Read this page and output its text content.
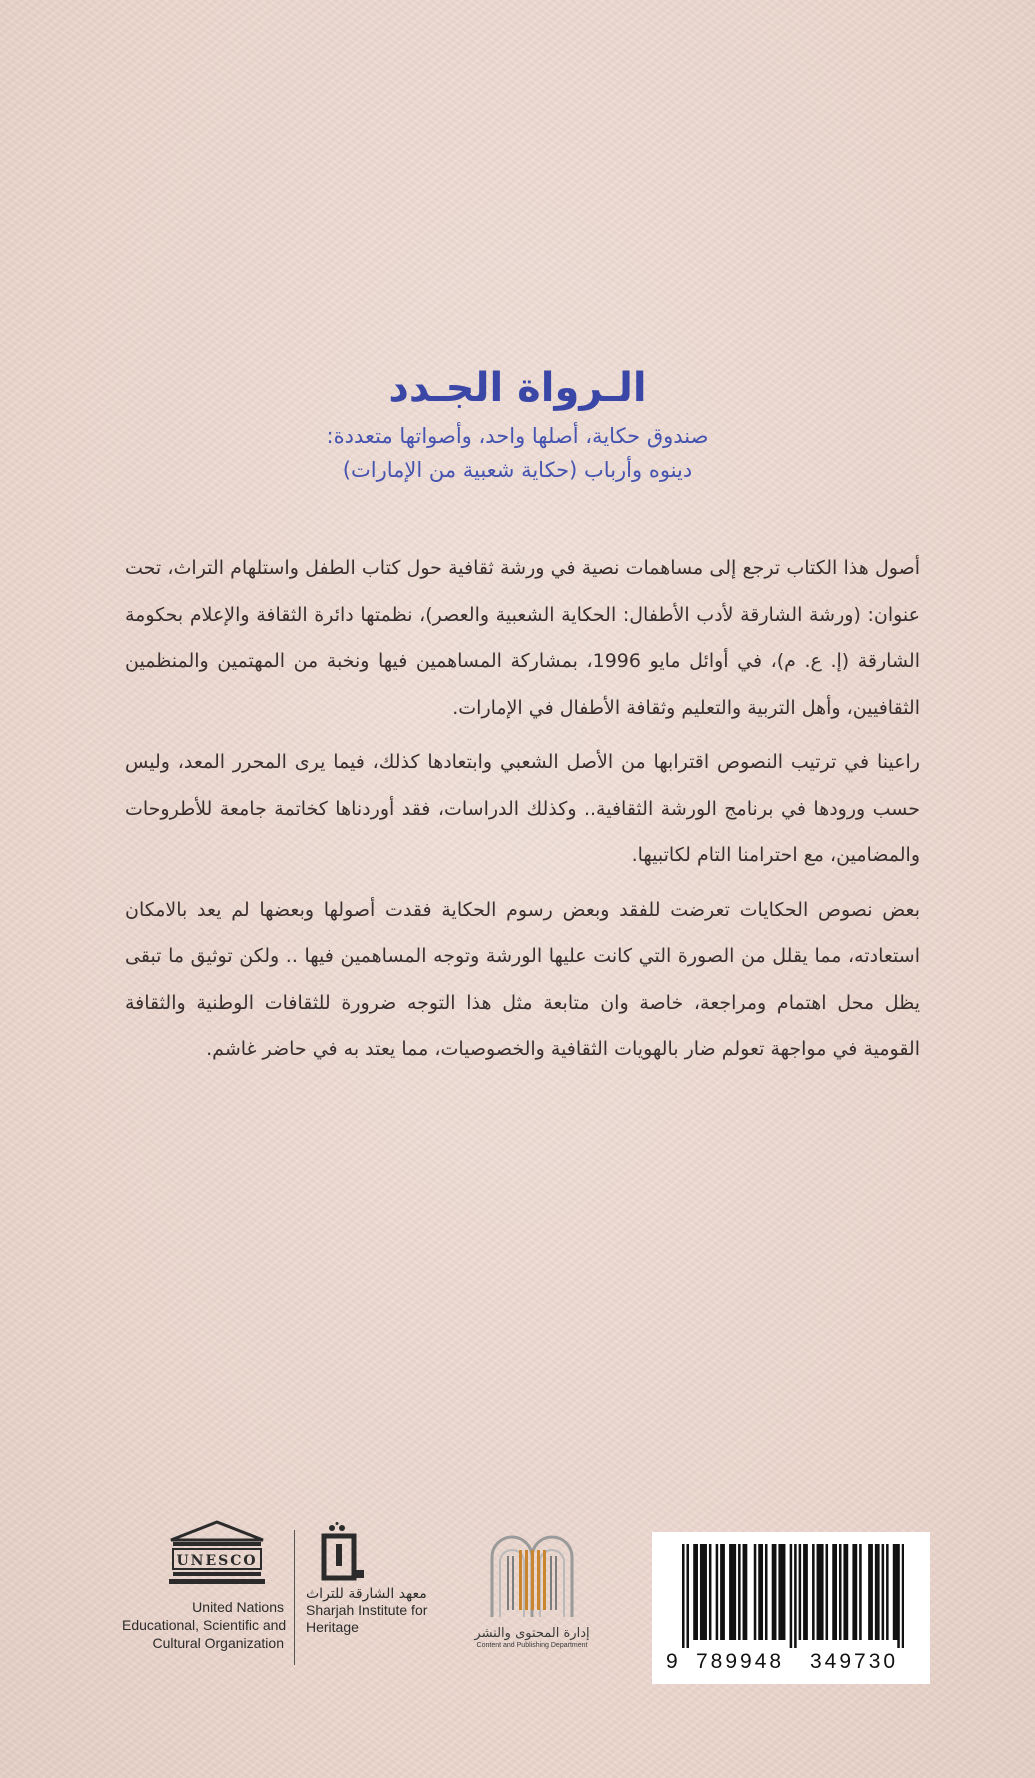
الـرواة الجـدد
صندوق حكاية، أصلها واحد، وأصواتها متعددة:
دينوه وأرباب (حكاية شعبية من الإمارات)

أصول هذا الكتاب ترجع إلى مساهمات نصية في ورشة ثقافية حول كتاب الطفل واستلهام التراث، تحت عنوان: (ورشة الشارقة لأدب الأطفال: الحكاية الشعبية والعصر)، نظمتها دائرة الثقافة والإعلام بحكومة الشارقة (إ. ع. م)، في أوائل مايو 1996، بمشاركة المساهمين فيها ونخبة من المهتمين والمنظمين الثقافيين، وأهل التربية والتعليم وثقافة الأطفال في الإمارات.

راعينا في ترتيب النصوص اقترابها من الأصل الشعبي وابتعادها كذلك، فيما يرى المحرر المعد، وليس حسب ورودها في برنامج الورشة الثقافية.. وكذلك الدراسات، فقد أوردناها كخاتمة جامعة للأطروحات والمضامين، مع احترامنا التام لكاتبيها.

بعض نصوص الحكايات تعرضت للفقد وبعض رسوم الحكاية فقدت أصولها وبعضها لم يعد بالامكان استعادته، مما يقلل من الصورة التي كانت عليها الورشة وتوجه المساهمين فيها .. ولكن توثيق ما تبقى يظل محل اهتمام ومراجعة، خاصة وان متابعة مثل هذا التوجه ضرورة للثقافات الوطنية والثقافة القومية في مواجهة تعولم ضار بالهويات الثقافية والخصوصيات، مما يعتد به في حاضر غاشم.

UNESCO
United Nations
Educational, Scientific and
Cultural Organization
معهد الشارقة للتراث
Sharjah Institute for
Heritage	إدارة المحتوى والنشر
Content and Publishing Department
9 789948 349730
